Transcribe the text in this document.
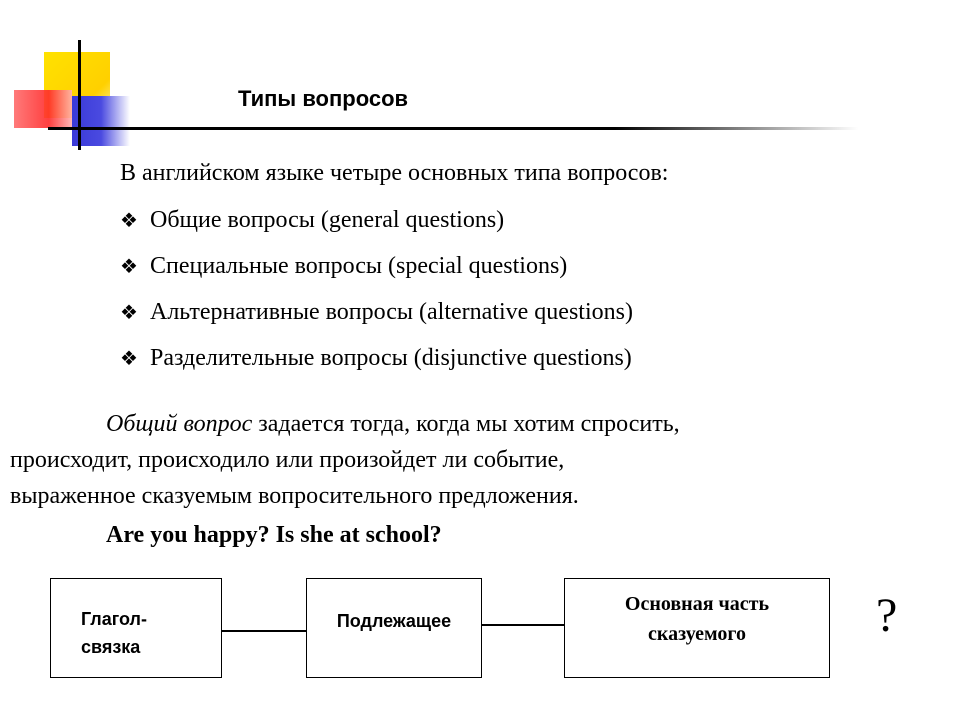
Типы вопросов
В английском языке четыре основных типа вопросов:
❖ Общие вопросы (general questions)
❖ Специальные вопросы (special questions)
❖ Альтернативные вопросы (alternative questions)
❖ Разделительные вопросы (disjunctive questions)
Общий вопрос задается тогда, когда мы хотим спросить,
происходит, происходило или произойдет ли событие,
выраженное сказуемым вопросительного предложения.
Are you happy? Is she at school?
Глагол-
связка
Подлежащее
Основная часть
сказуемого	?
